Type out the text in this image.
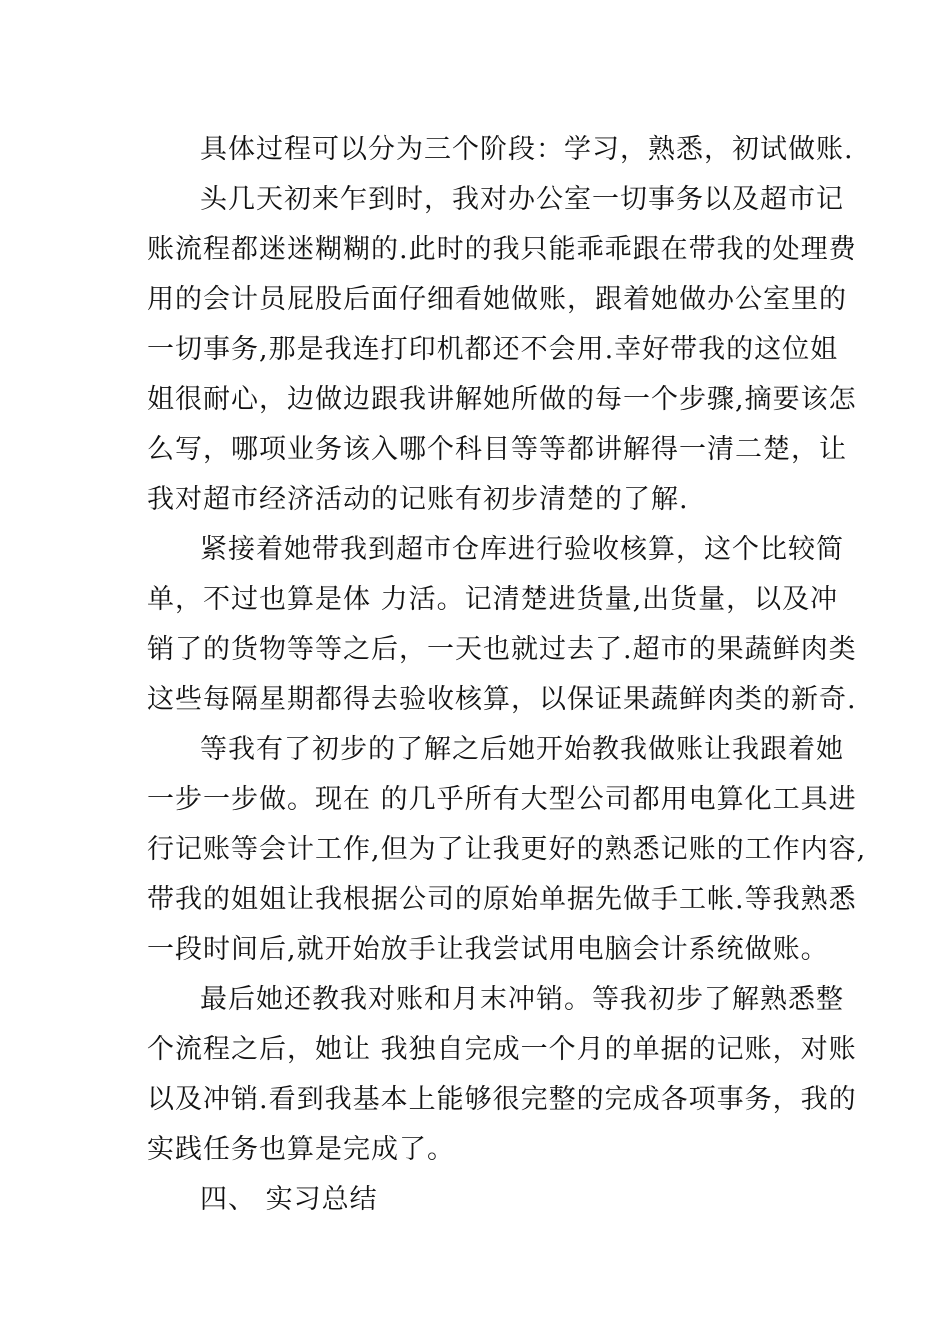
具体过程可以分为三个阶段：学习，熟悉，初试做账.
头几天初来乍到时，我对办公室一切事务以及超市记
账流程都迷迷糊糊的.此时的我只能乖乖跟在带我的处理费
用的会计员屁股后面仔细看她做账，跟着她做办公室里的
一切事务,那是我连打印机都还不会用.幸好带我的这位姐
姐很耐心，边做边跟我讲解她所做的每一个步骤,摘要该怎
么写，哪项业务该入哪个科目等等都讲解得一清二楚，让
我对超市经济活动的记账有初步清楚的了解.
紧接着她带我到超市仓库进行验收核算，这个比较简
单，不过也算是体 力活。记清楚进货量,出货量，以及冲
销了的货物等等之后，一天也就过去了.超市的果蔬鲜肉类
这些每隔星期都得去验收核算，以保证果蔬鲜肉类的新奇.
等我有了初步的了解之后她开始教我做账让我跟着她
一步一步做。现在 的几乎所有大型公司都用电算化工具进
行记账等会计工作,但为了让我更好的熟悉记账的工作内容,
带我的姐姐让我根据公司的原始单据先做手工帐.等我熟悉
一段时间后,就开始放手让我尝试用电脑会计系统做账。
最后她还教我对账和月末冲销。等我初步了解熟悉整
个流程之后，她让 我独自完成一个月的单据的记账，对账
以及冲销.看到我基本上能够很完整的完成各项事务，我的
实践任务也算是完成了。
四、 实习总结
